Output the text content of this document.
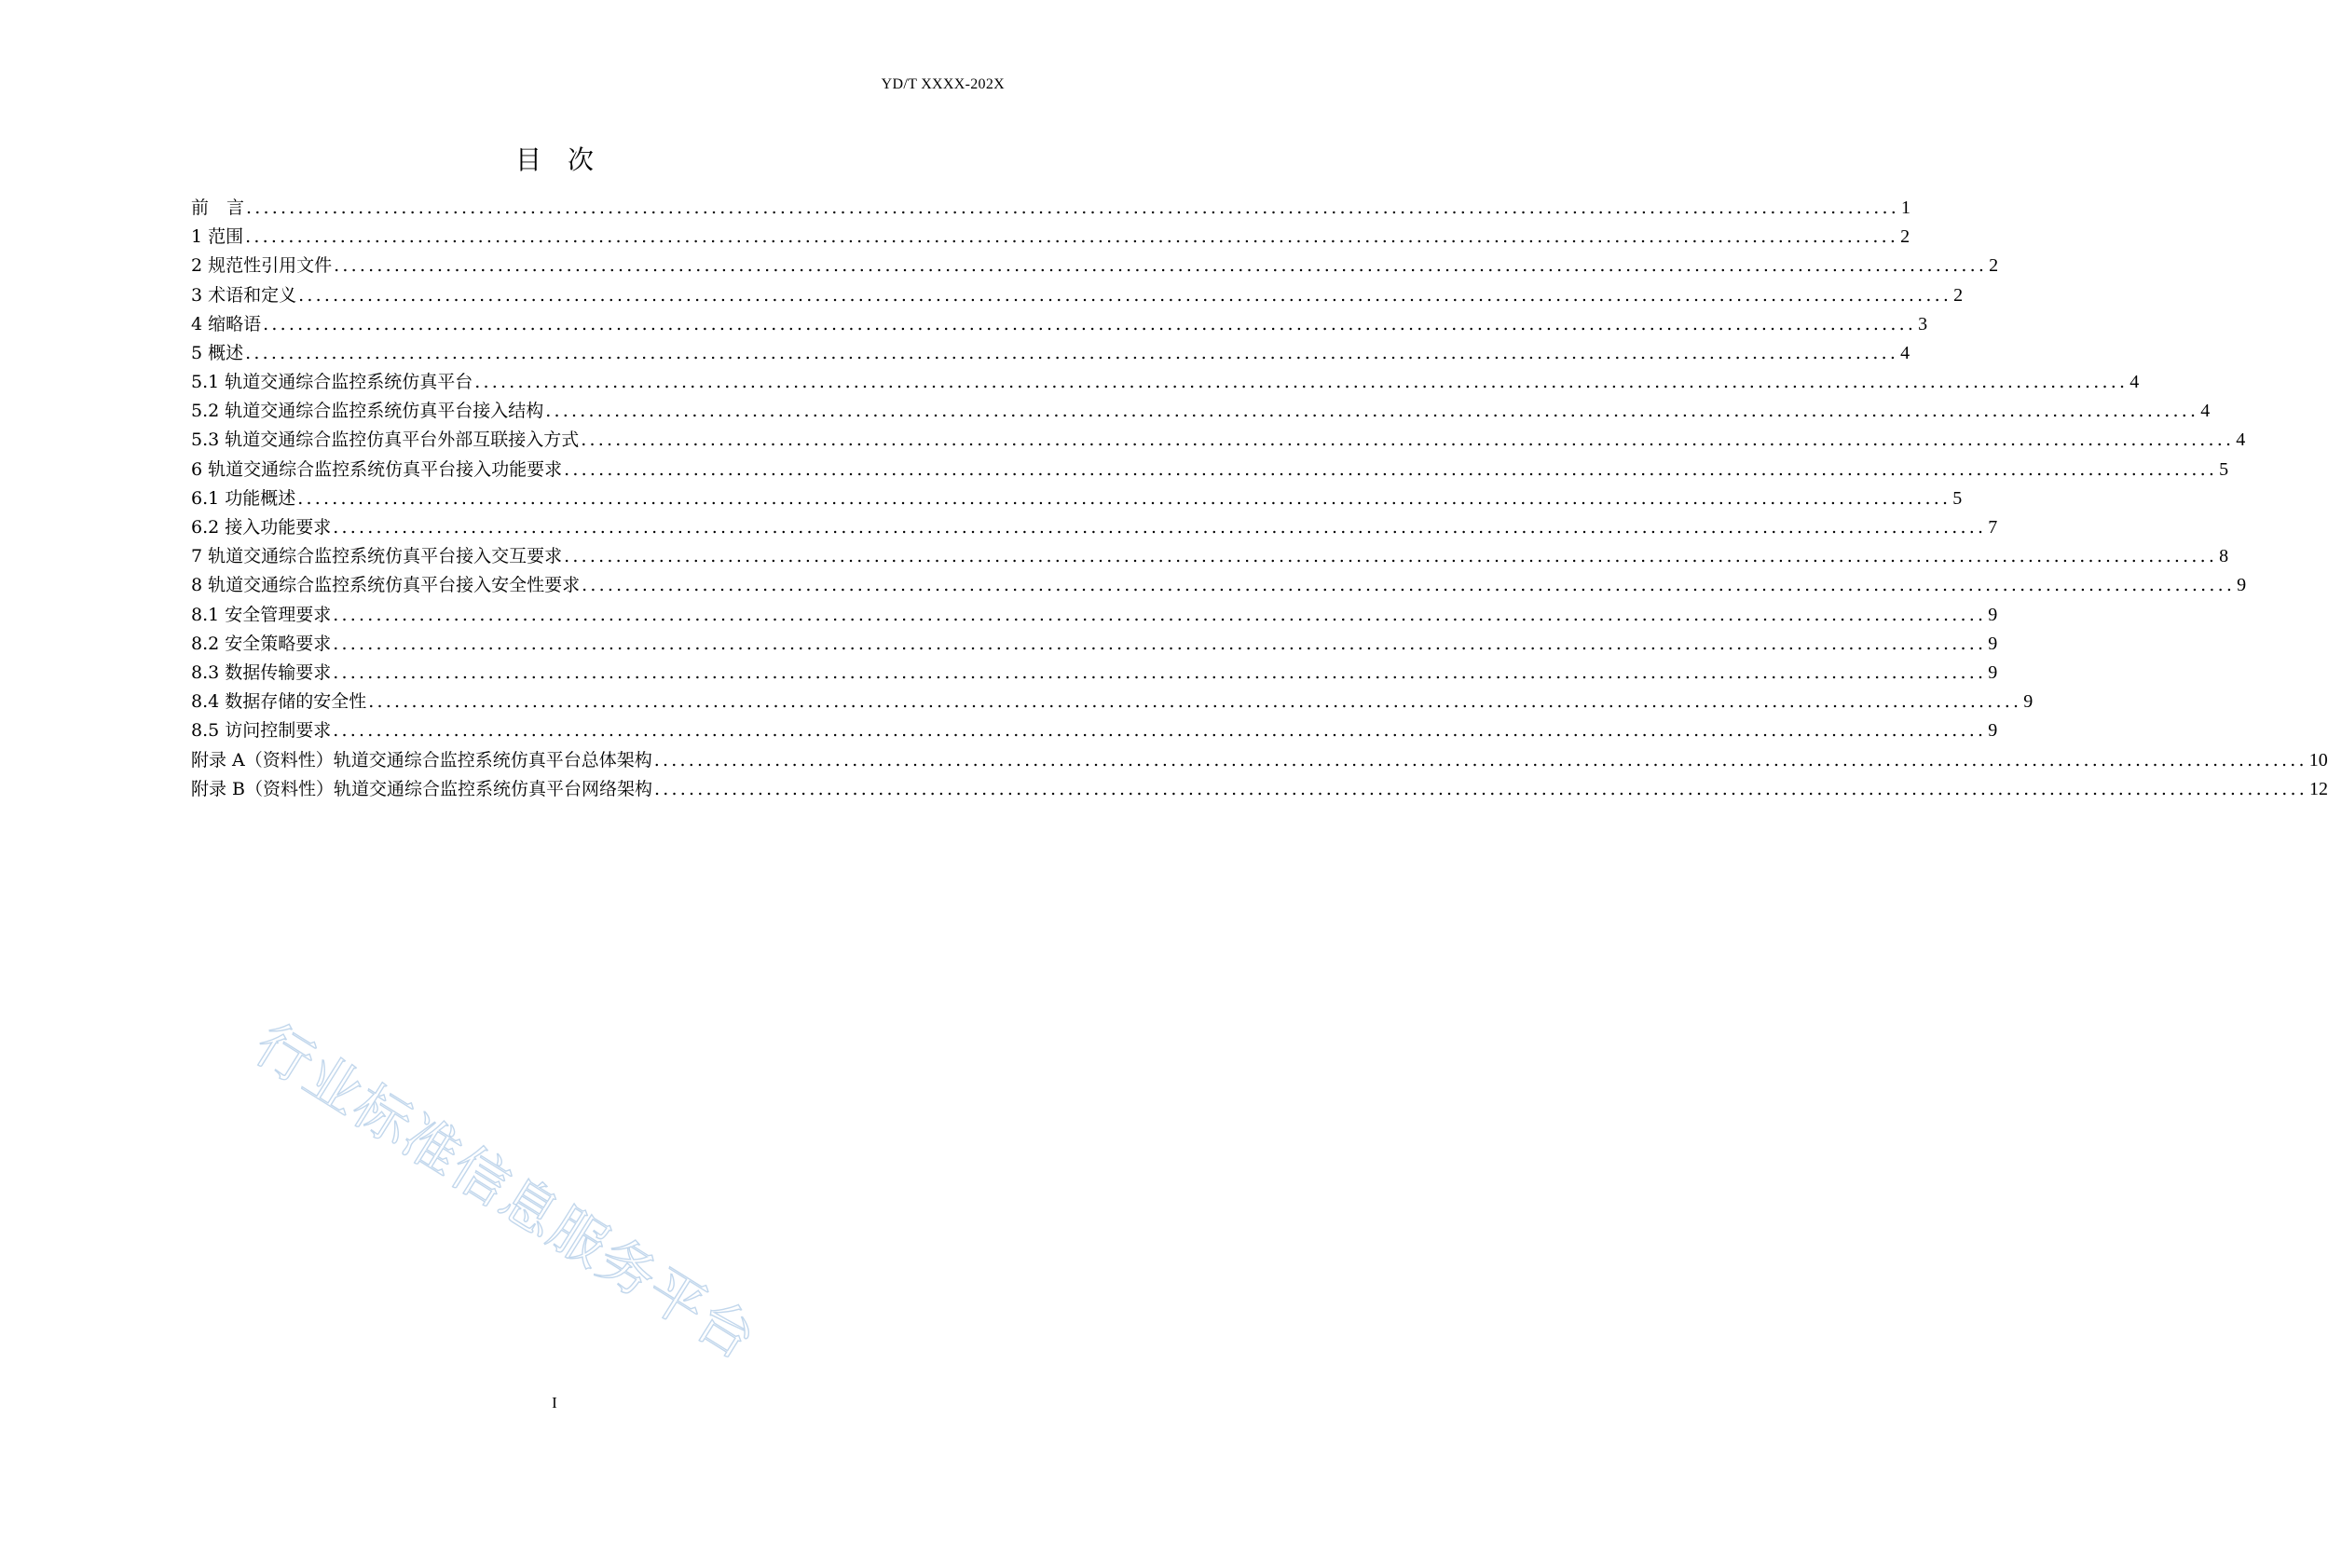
YD/T XXXX-202X
目次
前　言 ................................................................................................................................................................................................ 1
1 范围 ................................................................................................................................................................................................ 2
2 规范性引用文件 ................................................................................................................................................................................................ 2
3 术语和定义 ................................................................................................................................................................................................ 2
4 缩略语 ................................................................................................................................................................................................ 3
5 概述 ................................................................................................................................................................................................ 4
5.1 轨道交通综合监控系统仿真平台 ................................................................................................................................................................................................ 4
5.2 轨道交通综合监控系统仿真平台接入结构 ................................................................................................................................................................................................ 4
5.3 轨道交通综合监控仿真平台外部互联接入方式 ................................................................................................................................................................................................ 4
6 轨道交通综合监控系统仿真平台接入功能要求 ................................................................................................................................................................................................ 5
6.1 功能概述 ................................................................................................................................................................................................ 5
6.2 接入功能要求 ................................................................................................................................................................................................ 7
7 轨道交通综合监控系统仿真平台接入交互要求 ................................................................................................................................................................................................ 8
8 轨道交通综合监控系统仿真平台接入安全性要求 ................................................................................................................................................................................................ 9
8.1 安全管理要求 ................................................................................................................................................................................................ 9
8.2 安全策略要求 ................................................................................................................................................................................................ 9
8.3 数据传输要求 ................................................................................................................................................................................................ 9
8.4 数据存储的安全性 ................................................................................................................................................................................................ 9
8.5 访问控制要求 ................................................................................................................................................................................................ 9
附录 A（资料性）轨道交通综合监控系统仿真平台总体架构 ................................................................................................................................................................................................ 10
附录 B（资料性）轨道交通综合监控系统仿真平台网络架构 ................................................................................................................................................................................................ 12
行业标准信息服务平台
I
